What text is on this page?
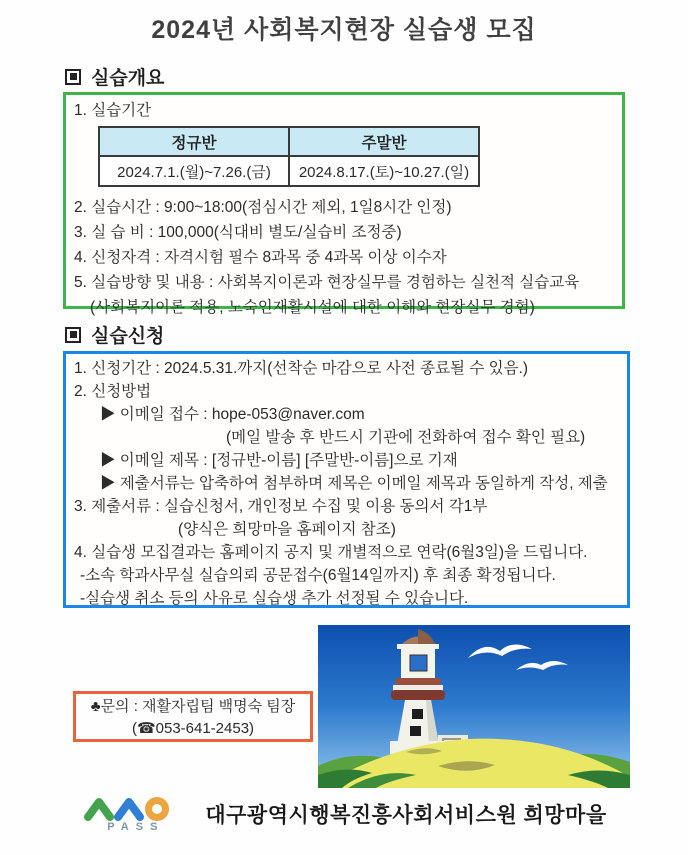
2024년 사회복지현장 실습생 모집
실습개요
1. 실습기간
정규반	주말반
2024.7.1.(월)~7.26.(금)	2024.8.17.(토)~10.27.(일)
2. 실습시간 : 9:00~18:00(점심시간 제외, 1일8시간 인정)
3. 실 습 비 : 100,000(식대비 별도/실습비 조정중)
4. 신청자격 : 자격시험 필수 8과목 중 4과목 이상 이수자
5. 실습방향 및 내용 : 사회복지이론과 현장실무를 경험하는 실천적 실습교육
(사회복지이론 적용, 노숙인재활시설에 대한 이해와 현장실무 경험)
실습신청
1. 신청기간 : 2024.5.31.까지(선착순 마감으로 사전 종료될 수 있음.)
2. 신청방법
▶ 이메일 접수 : hope-053@naver.com
(메일 발송 후 반드시 기관에 전화하여 접수 확인 필요)
▶ 이메일 제목 : [정규반-이름] [주말반-이름]으로 기재
▶ 제출서류는 압축하여 첨부하며 제목은 이메일 제목과 동일하게 작성, 제출
3. 제출서류 : 실습신청서, 개인정보 수집 및 이용 동의서 각1부
(양식은 희망마을 홈페이지 참조)
4. 실습생 모집결과는 홈페이지 공지 및 개별적으로 연락(6월3일)을 드립니다.
-소속 학과사무실 실습의뢰 공문접수(6월14일까지) 후 최종 확정됩니다.
-실습생 취소 등의 사유로 실습생 추가 선정될 수 있습니다.
♣문의 : 재활자립팀 백명숙 팀장
(☎053-641-2453)
PASS 대구광역시행복진흥사회서비스원 희망마을
